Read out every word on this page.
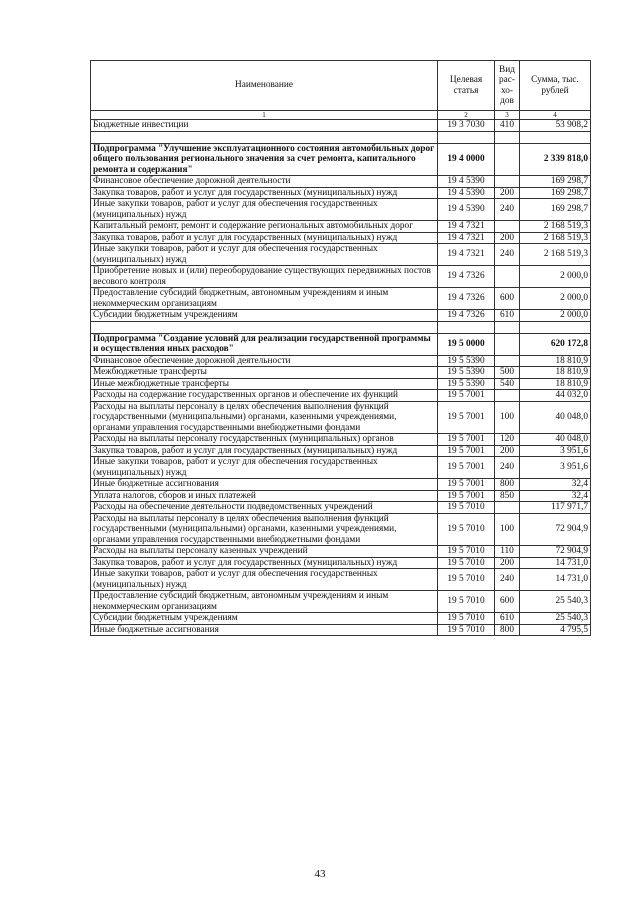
Наименование	Целевая статья	Вид рас- хо- дов	Сумма, тыс. рублей
1	2	3	4
Бюджетные инвестиции	19 3 7030	410	53 908,2

Подпрограмма "Улучшение эксплуатационного состояния автомобильных дорог общего пользования регионального значения за счет ремонта, капитального ремонта и содержания"	19 4 0000		2 339 818,0
Финансовое обеспечение дорожной деятельности	19 4 5390		169 298,7
Закупка товаров, работ и услуг для государственных (муниципальных) нужд	19 4 5390	200	169 298,7
Иные закупки товаров, работ и услуг для обеспечения государственных (муниципальных) нужд	19 4 5390	240	169 298,7
Капитальный ремонт, ремонт и содержание региональных автомобильных дорог	19 4 7321		2 168 519,3
Закупка товаров, работ и услуг для государственных (муниципальных) нужд	19 4 7321	200	2 168 519,3
Иные закупки товаров, работ и услуг для обеспечения государственных (муниципальных) нужд	19 4 7321	240	2 168 519,3
Приобретение новых и (или) переоборудование существующих передвижных постов весового контроля	19 4 7326		2 000,0
Предоставление субсидий бюджетным, автономным учреждениям и иным некоммерческим организациям	19 4 7326	600	2 000,0
Субсидии бюджетным учреждениям	19 4 7326	610	2 000,0

Подпрограмма "Создание условий для реализации государственной программы и осуществления иных расходов"	19 5 0000		620 172,8
Финансовое обеспечение дорожной деятельности	19 5 5390		18 810,9
Межбюджетные трансферты	19 5 5390	500	18 810,9
Иные межбюджетные трансферты	19 5 5390	540	18 810,9
Расходы на содержание государственных органов и обеспечение их функций	19 5 7001		44 032,0
Расходы на выплаты персоналу в целях обеспечения выполнения функций государственными (муниципальными) органами, казенными учреждениями, органами управления государственными внебюджетными фондами	19 5 7001	100	40 048,0
Расходы на выплаты персоналу государственных (муниципальных) органов	19 5 7001	120	40 048,0
Закупка товаров, работ и услуг для государственных (муниципальных) нужд	19 5 7001	200	3 951,6
Иные закупки товаров, работ и услуг для обеспечения государственных (муниципальных) нужд	19 5 7001	240	3 951,6
Иные бюджетные ассигнования	19 5 7001	800	32,4
Уплата налогов, сборов и иных платежей	19 5 7001	850	32,4
Расходы на обеспечение деятельности подведомственных учреждений	19 5 7010		117 971,7
Расходы на выплаты персоналу в целях обеспечения выполнения функций государственными (муниципальными) органами, казенными учреждениями, органами управления государственными внебюджетными фондами	19 5 7010	100	72 904,9
Расходы на выплаты персоналу казенных учреждений	19 5 7010	110	72 904,9
Закупка товаров, работ и услуг для государственных (муниципальных) нужд	19 5 7010	200	14 731,0
Иные закупки товаров, работ и услуг для обеспечения государственных (муниципальных) нужд	19 5 7010	240	14 731,0
Предоставление субсидий бюджетным, автономным учреждениям и иным некоммерческим организациям	19 5 7010	600	25 540,3
Субсидии бюджетным учреждениям	19 5 7010	610	25 540,3
Иные бюджетные ассигнования	19 5 7010	800	4 795,5
43
